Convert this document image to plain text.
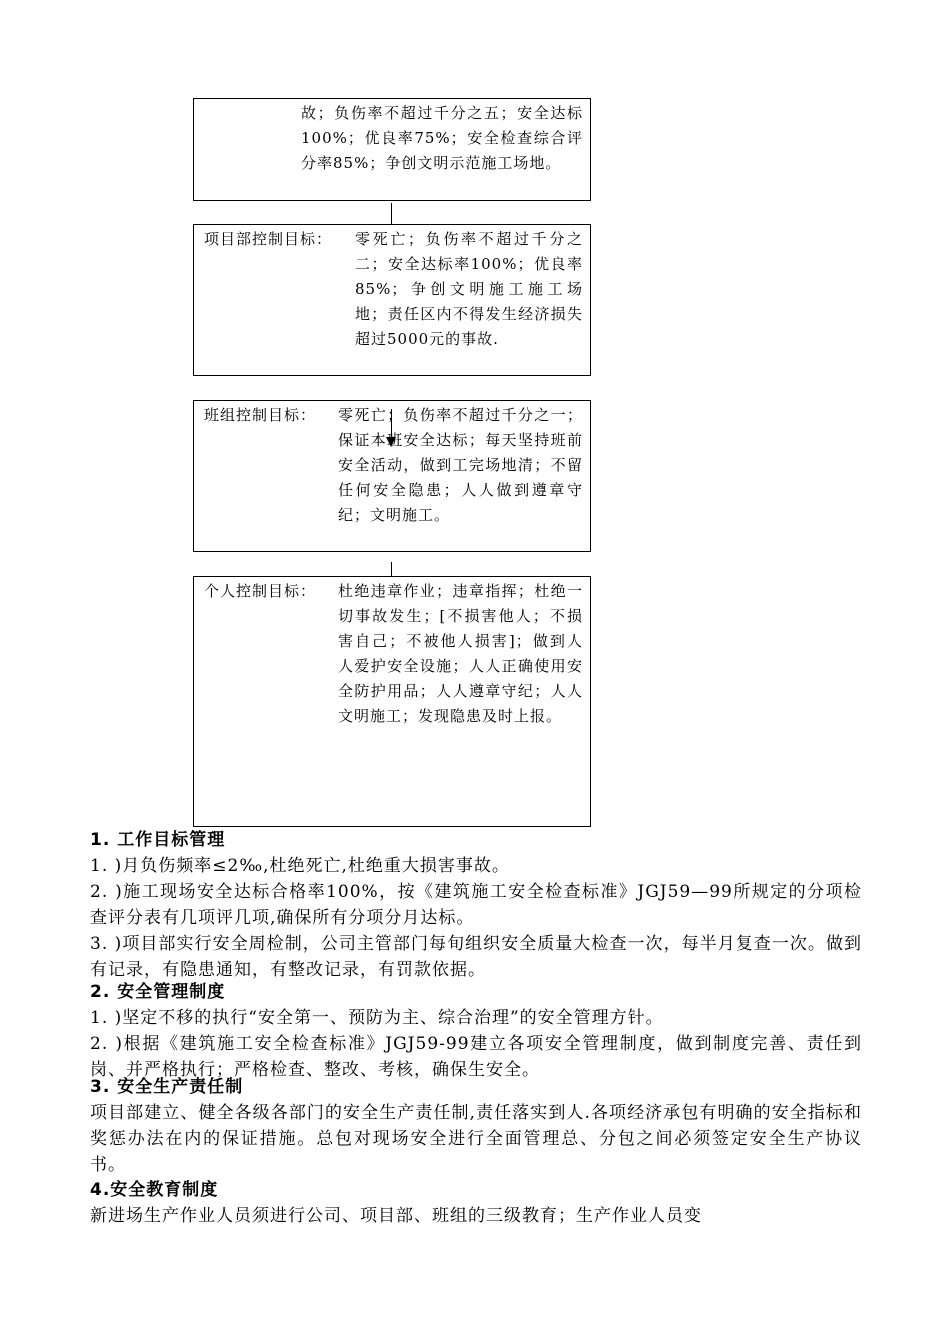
故；负伤率不超过千分之五；安全达标100%；优良率75%；安全检查综合评分率85%；争创文明示范施工场地。
项目部控制目标： 零死亡；负伤率不超过千分之二；安全达标率100%；优良率85%；争创文明施工施工场地；责任区内不得发生经济损失超过5000元的事故.
班组控制目标： 零死亡；负伤率不超过千分之一；保证本班安全达标；每天坚持班前安全活动，做到工完场地清；不留任何安全隐患；人人做到遵章守纪；文明施工。
个人控制目标： 杜绝违章作业；违章指挥；杜绝一切事故发生；[不损害他人；不损害自己；不被他人损害]；做到人人爱护安全设施；人人正确使用安全防护用品；人人遵章守纪；人人文明施工；发现隐患及时上报。
1. 工作目标管理
1. )月负伤频率≤2‰,杜绝死亡,杜绝重大损害事故。
2. )施工现场安全达标合格率100%，按《建筑施工安全检查标准》JGJ59—99所规定的分项检查评分表有几项评几项,确保所有分项分月达标。
3. )项目部实行安全周检制，公司主管部门每旬组织安全质量大检查一次，每半月复查一次。做到有记录，有隐患通知，有整改记录，有罚款依据。
2. 安全管理制度
1. )坚定不移的执行“安全第一、预防为主、综合治理”的安全管理方针。
2. )根据《建筑施工安全检查标准》JGJ59-99建立各项安全管理制度，做到制度完善、责任到岗、并严格执行；严格检查、整改、考核，确保生安全。
3. 安全生产责任制
项目部建立、健全各级各部门的安全生产责任制,责任落实到人.各项经济承包有明确的安全指标和奖惩办法在内的保证措施。总包对现场安全进行全面管理总、分包之间必须签定安全生产协议书。
4.安全教育制度
新进场生产作业人员须进行公司、项目部、班组的三级教育；生产作业人员变
